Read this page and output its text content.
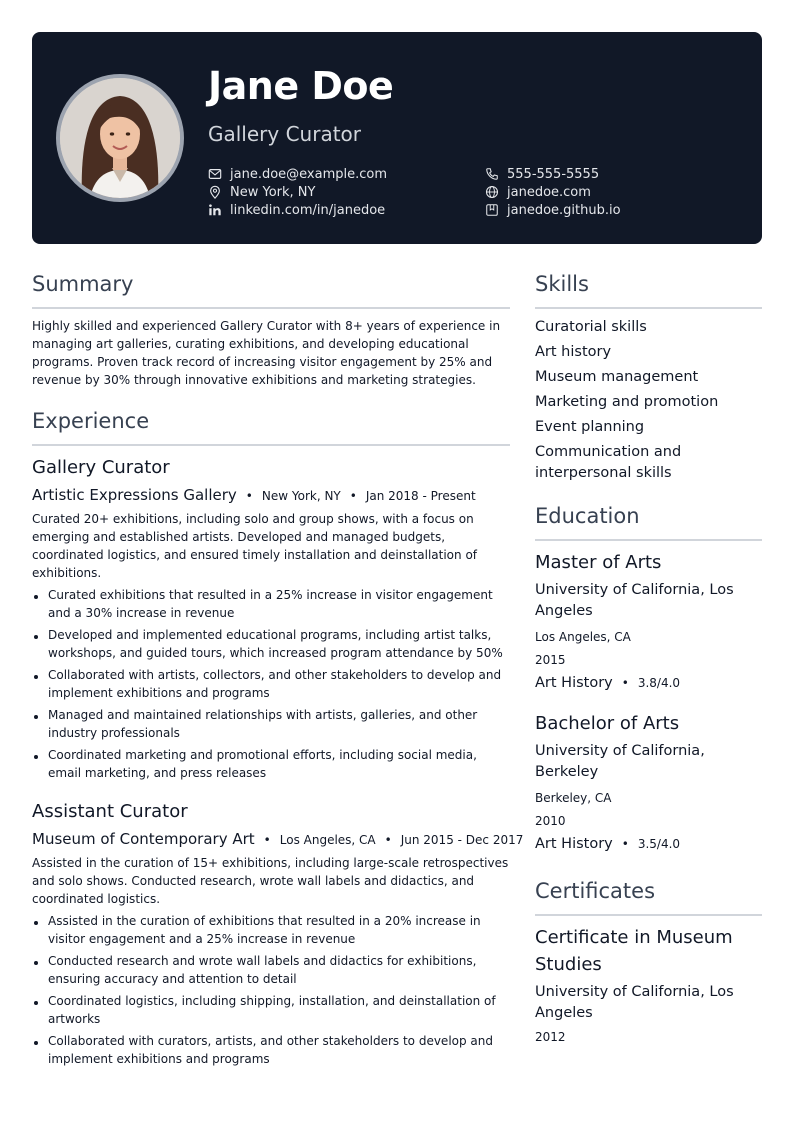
Jane Doe
Gallery Curator
jane.doe@example.com	555-555-5555
New York, NY	janedoe.com
linkedin.com/in/janedoe	janedoe.github.io
Summary
Highly skilled and experienced Gallery Curator with 8+ years of experience in managing art galleries, curating exhibitions, and developing educational programs. Proven track record of increasing visitor engagement by 25% and revenue by 30% through innovative exhibitions and marketing strategies.
Experience
Gallery Curator
Artistic Expressions Gallery • New York, NY • Jan 2018 - Present
Curated 20+ exhibitions, including solo and group shows, with a focus on emerging and established artists. Developed and managed budgets, coordinated logistics, and ensured timely installation and deinstallation of exhibitions.
Curated exhibitions that resulted in a 25% increase in visitor engagement and a 30% increase in revenue
Developed and implemented educational programs, including artist talks, workshops, and guided tours, which increased program attendance by 50%
Collaborated with artists, collectors, and other stakeholders to develop and implement exhibitions and programs
Managed and maintained relationships with artists, galleries, and other industry professionals
Coordinated marketing and promotional efforts, including social media, email marketing, and press releases
Assistant Curator
Museum of Contemporary Art • Los Angeles, CA • Jun 2015 - Dec 2017
Assisted in the curation of 15+ exhibitions, including large-scale retrospectives and solo shows. Conducted research, wrote wall labels and didactics, and coordinated logistics.
Assisted in the curation of exhibitions that resulted in a 20% increase in visitor engagement and a 25% increase in revenue
Conducted research and wrote wall labels and didactics for exhibitions, ensuring accuracy and attention to detail
Coordinated logistics, including shipping, installation, and deinstallation of artworks
Collaborated with curators, artists, and other stakeholders to develop and implement exhibitions and programs
Skills
Curatorial skills
Art history
Museum management
Marketing and promotion
Event planning
Communication and interpersonal skills
Education
Master of Arts
University of California, Los Angeles
Los Angeles, CA
2015
Art History • 3.8/4.0
Bachelor of Arts
University of California, Berkeley
Berkeley, CA
2010
Art History • 3.5/4.0
Certificates
Certificate in Museum Studies
University of California, Los Angeles
2012
